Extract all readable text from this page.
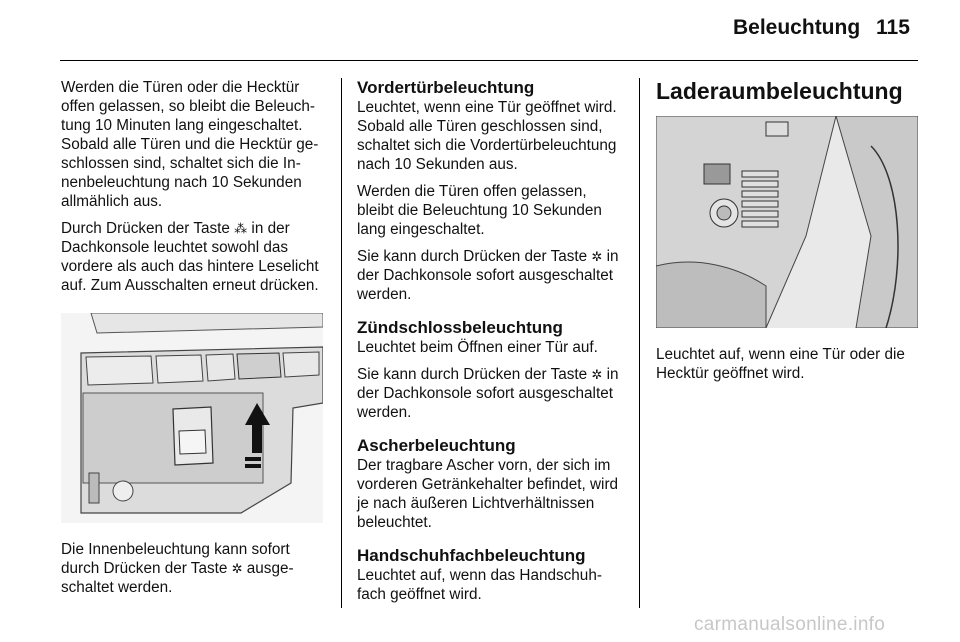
Beleuchtung 115

Werden die Türen oder die Hecktür offen gelassen, so bleibt die Beleuchtung 10 Minuten lang eingeschaltet. Sobald alle Türen und die Hecktür geschlossen sind, schaltet sich die Innenbeleuchtung nach 10 Sekunden allmählich aus.

Durch Drücken der Taste ⁂ in der Dachkonsole leuchtet sowohl das vordere als auch das hintere Leselicht auf. Zum Ausschalten erneut drücken.

Die Innenbeleuchtung kann sofort durch Drücken der Taste ✲ ausgeschaltet werden.

Vordertürbeleuchtung

Leuchtet, wenn eine Tür geöffnet wird. Sobald alle Türen geschlossen sind, schaltet sich die Vordertürbeleuchtung nach 10 Sekunden aus.

Werden die Türen offen gelassen, bleibt die Beleuchtung 10 Sekunden lang eingeschaltet.

Sie kann durch Drücken der Taste ✲ in der Dachkonsole sofort ausgeschaltet werden.

Zündschlossbeleuchtung

Leuchtet beim Öffnen einer Tür auf.

Sie kann durch Drücken der Taste ✲ in der Dachkonsole sofort ausgeschaltet werden.

Ascherbeleuchtung

Der tragbare Ascher vorn, der sich im vorderen Getränkehalter befindet, wird je nach äußeren Lichtverhältnissen beleuchtet.

Handschuhfachbeleuchtung

Leuchtet auf, wenn das Handschuhfach geöffnet wird.

Laderaumbeleuchtung

Leuchtet auf, wenn eine Tür oder die Hecktür geöffnet wird.

carmanualsonline.info
